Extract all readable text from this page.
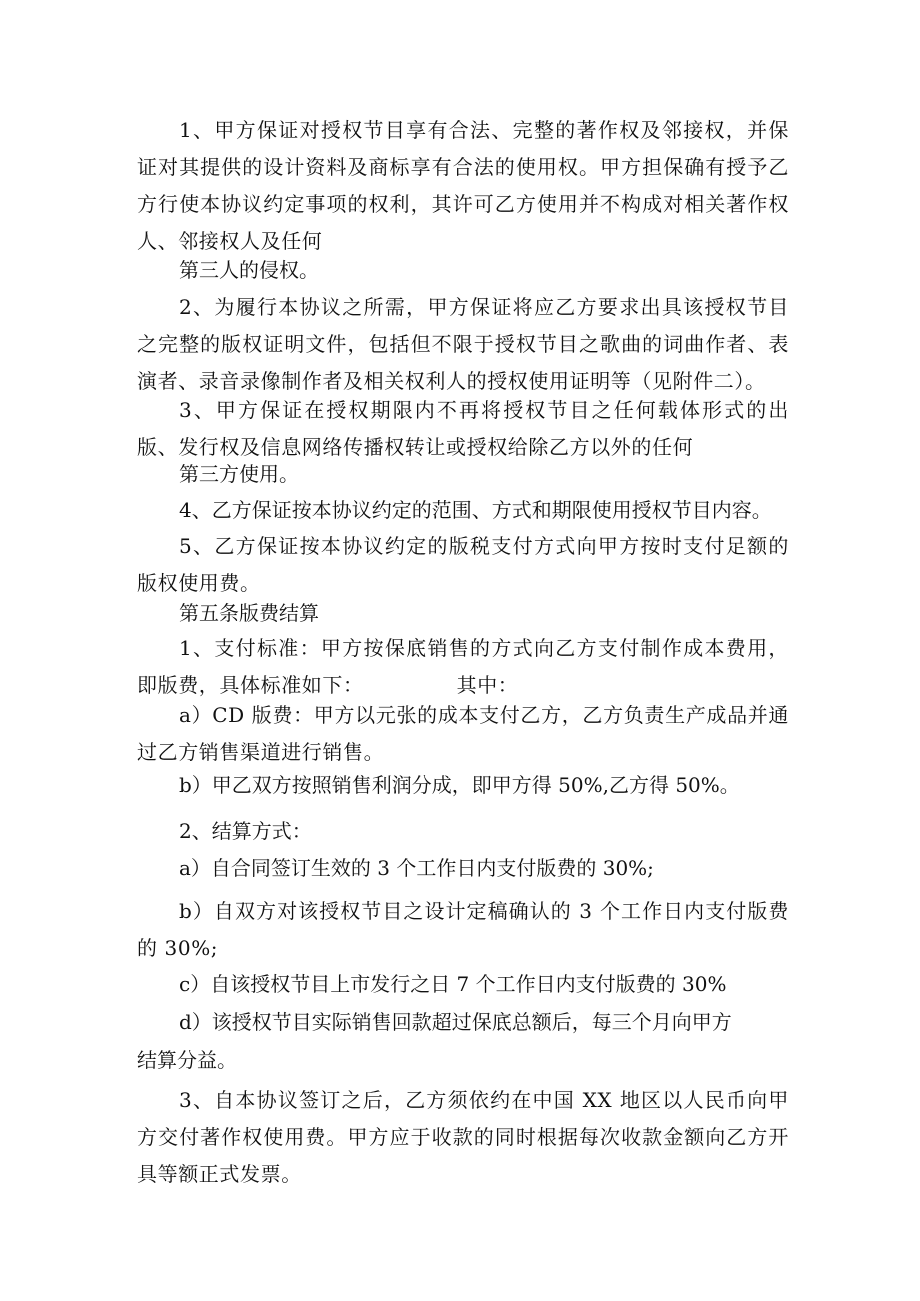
1、甲方保证对授权节目享有合法、完整的著作权及邻接权，并保证对其提供的设计资料及商标享有合法的使用权。甲方担保确有授予乙方行使本协议约定事项的权利，其许可乙方使用并不构成对相关著作权人、邻接权人及任何

第三人的侵权。

2、为履行本协议之所需，甲方保证将应乙方要求出具该授权节目之完整的版权证明文件，包括但不限于授权节目之歌曲的词曲作者、表演者、录音录像制作者及相关权利人的授权使用证明等（见附件二）。

3、甲方保证在授权期限内不再将授权节目之任何载体形式的出版、发行权及信息网络传播权转让或授权给除乙方以外的任何

第三方使用。

4、乙方保证按本协议约定的范围、方式和期限使用授权节目内容。

5、乙方保证按本协议约定的版税支付方式向甲方按时支付足额的版权使用费。

第五条版费结算

1、支付标准：甲方按保底销售的方式向乙方支付制作成本费用，即版费，具体标准如下：　　　　　其中：

a）CD 版费：甲方以元张的成本支付乙方，乙方负责生产成品并通过乙方销售渠道进行销售。

b）甲乙双方按照销售利润分成，即甲方得 50%,乙方得 50%。

2、结算方式：

a）自合同签订生效的 3 个工作日内支付版费的 30%;

b）自双方对该授权节目之设计定稿确认的 3 个工作日内支付版费的 30%;

c）自该授权节目上市发行之日 7 个工作日内支付版费的 30%

d）该授权节目实际销售回款超过保底总额后，每三个月向甲方

结算分益。

3、自本协议签订之后，乙方须依约在中国 XX 地区以人民币向甲方交付著作权使用费。甲方应于收款的同时根据每次收款金额向乙方开具等额正式发票。
